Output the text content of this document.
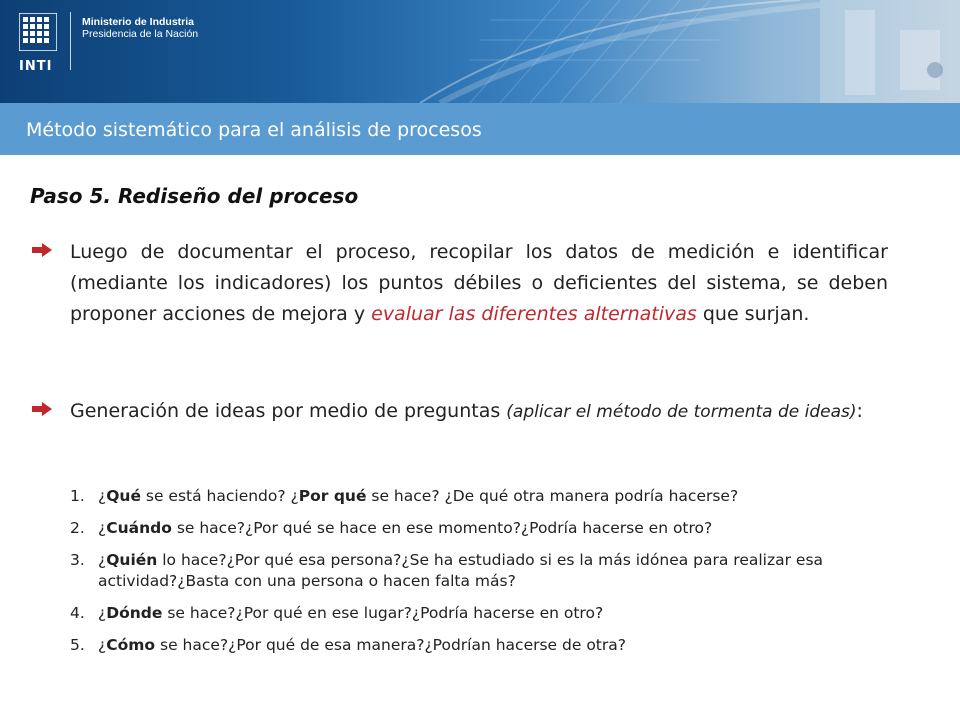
INTI
Ministerio de Industria
Presidencia de la Nación
Método sistemático para el análisis de procesos
Paso 5. Rediseño del proceso
Luego de documentar el proceso, recopilar los datos de medición e identificar (mediante los indicadores) los puntos débiles o deficientes del sistema, se deben proponer acciones de mejora y evaluar las diferentes alternativas que surjan.
Generación de ideas por medio de preguntas (aplicar el método de tormenta de ideas):
1. ¿Qué se está haciendo? ¿Por qué se hace? ¿De qué otra manera podría hacerse?
2. ¿Cuándo se hace?¿Por qué se hace en ese momento?¿Podría hacerse en otro?
3. ¿Quién lo hace?¿Por qué esa persona?¿Se ha estudiado si es la más idónea para realizar esa actividad?¿Basta con una persona o hacen falta más?
4. ¿Dónde se hace?¿Por qué en ese lugar?¿Podría hacerse en otro?
5. ¿Cómo se hace?¿Por qué de esa manera?¿Podrían hacerse de otra?
